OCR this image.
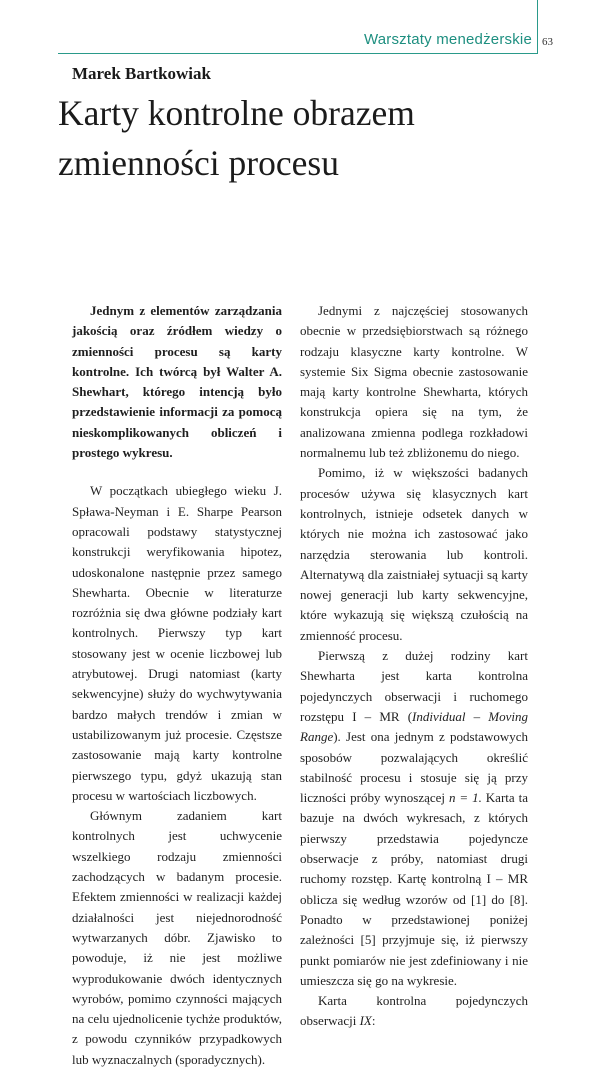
Warsztaty menedżerskie 63
Marek Bartkowiak
Karty kontrolne obrazem
zmienności procesu

Jednym z elementów zarządzania jakością oraz źródłem wiedzy o zmienności procesu są karty kontrolne. Ich twórcą był Walter A. Shewhart, którego intencją było przedstawienie informacji za pomocą nieskomplikowanych obliczeń i prostego wykresu.

W początkach ubiegłego wieku J. Spława-Neyman i E. Sharpe Pearson opracowali podstawy statystycznej konstrukcji weryfikowania hipotez, udoskonalone następnie przez samego Shewharta. Obecnie w literaturze rozróżnia się dwa główne podziały kart kontrolnych. Pierwszy typ kart stosowany jest w ocenie liczbowej lub atrybutowej. Drugi natomiast (karty sekwencyjne) służy do wychwytywania bardzo małych trendów i zmian w ustabilizowanym już procesie. Częstsze zastosowanie mają karty kontrolne pierwszego typu, gdyż ukazują stan procesu w wartościach liczbowych.

Głównym zadaniem kart kontrolnych jest uchwycenie wszelkiego rodzaju zmienności zachodzących w badanym procesie. Efektem zmienności w realizacji każdej działalności jest niejednorodność wytwarzanych dóbr. Zjawisko to powoduje, iż nie jest możliwe wyprodukowanie dwóch identycznych wyrobów, pomimo czynności mających na celu ujednolicenie tychże produktów, z powodu czynników przypadkowych lub wyznaczalnych (sporadycznych).

Jednymi z najczęściej stosowanych obecnie w przedsiębiorstwach są różnego rodzaju klasyczne karty kontrolne. W systemie Six Sigma obecnie zastosowanie mają karty kontrolne Shewharta, których konstrukcja opiera się na tym, że analizowana zmienna podlega rozkładowi normalnemu lub też zbliżonemu do niego.

Pomimo, iż w większości badanych procesów używa się klasycznych kart kontrolnych, istnieje odsetek danych w których nie można ich zastosować jako narzędzia sterowania lub kontroli. Alternatywą dla zaistniałej sytuacji są karty nowej generacji lub karty sekwencyjne, które wykazują się większą czułością na zmienność procesu.

Pierwszą z dużej rodziny kart Shewharta jest karta kontrolna pojedynczych obserwacji i ruchomego rozstępu I – MR (Individual – Moving Range). Jest ona jednym z podstawowych sposobów pozwalających określić stabilność procesu i stosuje się ją przy liczności próby wynoszącej n = 1. Karta ta bazuje na dwóch wykresach, z których pierwszy przedstawia pojedyncze obserwacje z próby, natomiast drugi ruchomy rozstęp. Kartę kontrolną I – MR oblicza się według wzorów od [1] do [8]. Ponadto w przedstawionej poniżej zależności [5] przyjmuje się, iż pierwszy punkt pomiarów nie jest zdefiniowany i nie umieszcza się go na wykresie.

Karta kontrolna pojedynczych obserwacji IX:
